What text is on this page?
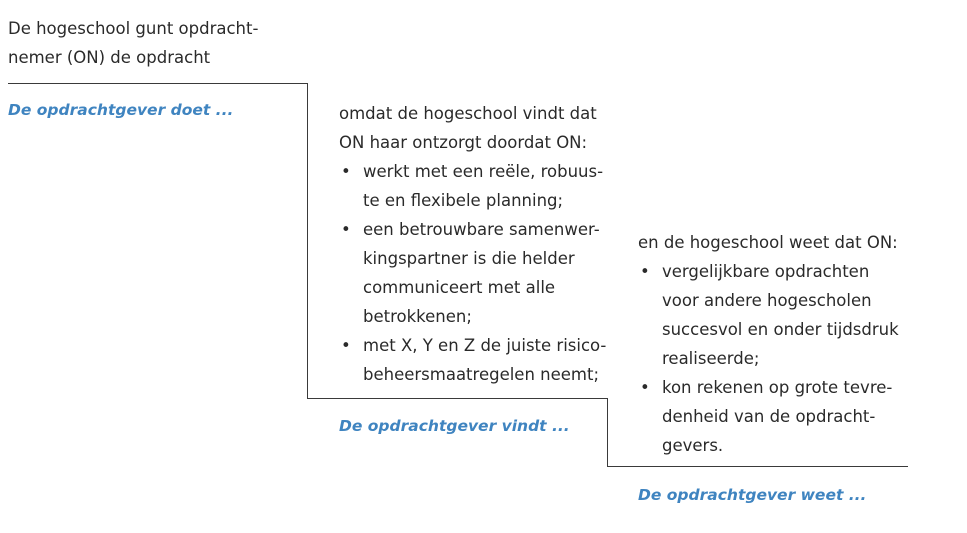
De hogeschool gunt opdracht-

nemer (ON) de opdracht

De opdrachtgever doet ...	omdat de hogeschool vindt dat

ON haar ontzorgt doordat ON:

• werkt met een reële, robuus-
te en flexibele planning;
• een betrouwbare samenwer-
kingspartner is die helder
communiceert met alle
betrokkenen;
• met X, Y en Z de juiste risico-
beheersmaatregelen neemt;
De opdrachtgever vindt ...

en de hogeschool weet dat ON:

• vergelijkbare opdrachten
voor andere hogescholen
succesvol en onder tijdsdruk
realiseerde;
• kon rekenen op grote tevre-
denheid van de opdracht-
gevers.
De opdrachtgever weet ...
